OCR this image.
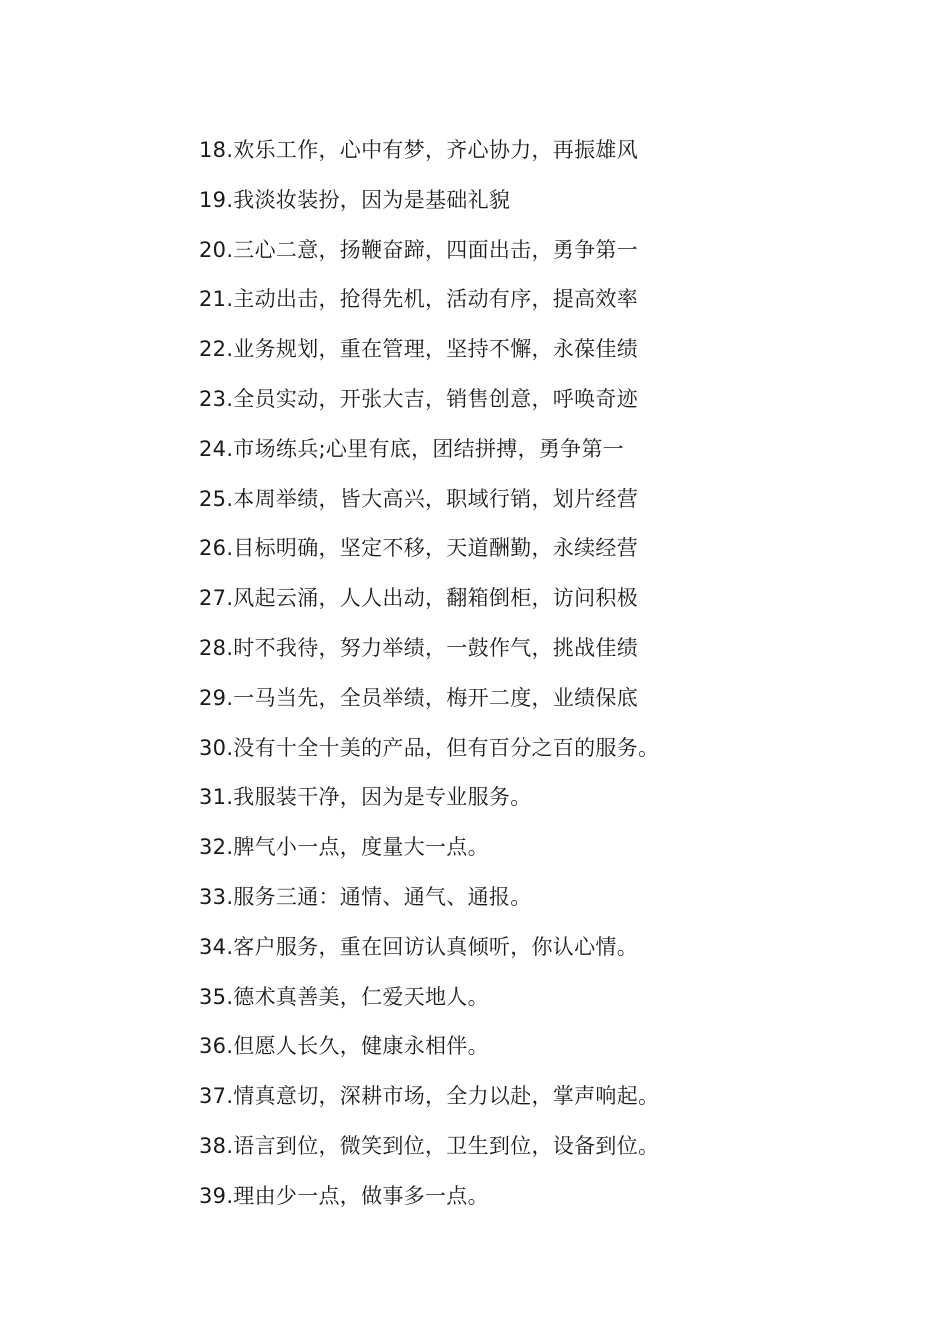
18.欢乐工作，心中有梦，齐心协力，再振雄风
19.我淡妆装扮，因为是基础礼貌
20.三心二意，扬鞭奋蹄，四面出击，勇争第一
21.主动出击，抢得先机，活动有序，提高效率
22.业务规划，重在管理，坚持不懈，永葆佳绩
23.全员实动，开张大吉，销售创意，呼唤奇迹
24.市场练兵;心里有底，团结拼搏，勇争第一
25.本周举绩，皆大高兴，职域行销，划片经营
26.目标明确，坚定不移，天道酬勤，永续经营
27.风起云涌，人人出动，翻箱倒柜，访问积极
28.时不我待，努力举绩，一鼓作气，挑战佳绩
29.一马当先，全员举绩，梅开二度，业绩保底
30.没有十全十美的产品，但有百分之百的服务。
31.我服装干净，因为是专业服务。
32.脾气小一点，度量大一点。
33.服务三通：通情、通气、通报。
34.客户服务，重在回访认真倾听，你认心情。
35.德术真善美，仁爱天地人。
36.但愿人长久，健康永相伴。
37.情真意切，深耕市场，全力以赴，掌声响起。
38.语言到位，微笑到位，卫生到位，设备到位。
39.理由少一点，做事多一点。
